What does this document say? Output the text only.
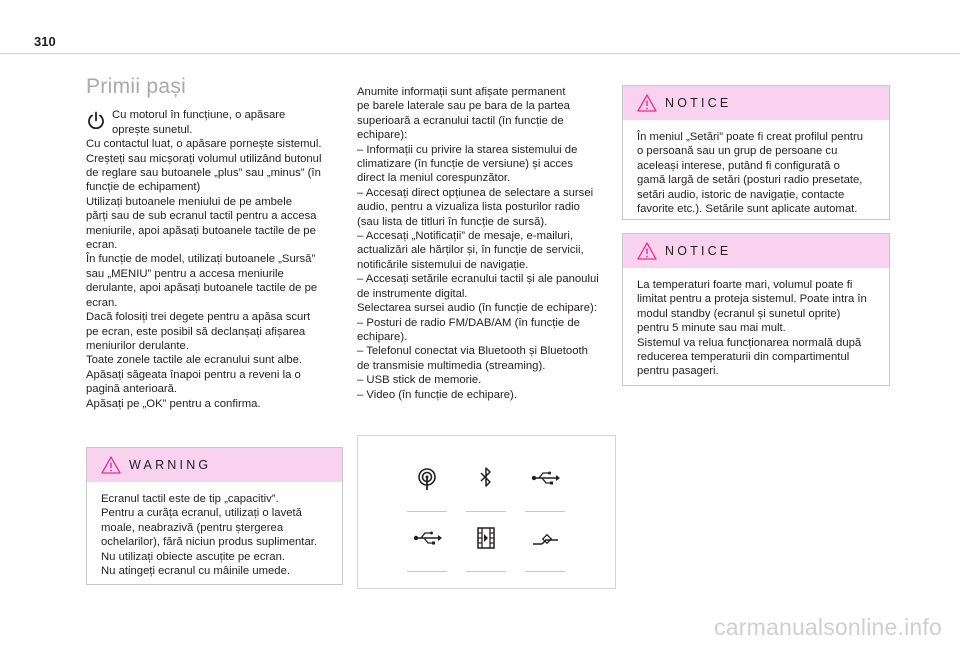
310
Primii pași

Cu motorul în funcțiune, o apăsare
oprește sunetul.

Cu contactul luat, o apăsare pornește sistemul.
Creșteți sau micșorați volumul utilizând butonul
de reglare sau butoanele „plus” sau „minus” (în
funcție de echipament)
Utilizați butoanele meniului de pe ambele
părți sau de sub ecranul tactil pentru a accesa
meniurile, apoi apăsați butoanele tactile de pe
ecran.
În funcție de model, utilizați butoanele „Sursă”
sau „MENIU” pentru a accesa meniurile
derulante, apoi apăsați butoanele tactile de pe
ecran.
Dacă folosiți trei degete pentru a apăsa scurt
pe ecran, este posibil să declanșați afișarea
meniurilor derulante.
Toate zonele tactile ale ecranului sunt albe.
Apăsați săgeata înapoi pentru a reveni la o
pagină anterioară.
Apăsați pe „OK” pentru a confirma.

WARNING
Ecranul tactil este de tip „capacitiv”.
Pentru a curăța ecranul, utilizați o lavetă
moale, neabrazivă (pentru ștergerea
ochelarilor), fără niciun produs suplimentar.
Nu utilizați obiecte ascuțite pe ecran.
Nu atingeți ecranul cu mâinile umede.

Anumite informații sunt afișate permanent
pe barele laterale sau pe bara de la partea
superioară a ecranului tactil (în funcție de
echipare):
– Informații cu privire la starea sistemului de
climatizare (în funcție de versiune) și acces
direct la meniul corespunzător.
– Accesați direct opțiunea de selectare a sursei
audio, pentru a vizualiza lista posturilor radio
(sau lista de titluri în funcție de sursă).
– Accesați „Notificații” de mesaje, e-mailuri,
actualizări ale hărților și, în funcție de servicii,
notificările sistemului de navigație.
– Accesați setările ecranului tactil și ale panoului
de instrumente digital.
Selectarea sursei audio (în funcție de echipare):
– Posturi de radio FM/DAB/AM (în funcție de
echipare).
– Telefonul conectat via Bluetooth și Bluetooth
de transmisie multimedia (streaming).
– USB stick de memorie.
– Video (în funcție de echipare).

NOTICE
În meniul „Setări” poate fi creat profilul pentru
o persoană sau un grup de persoane cu
aceleași interese, putând fi configurată o
gamă largă de setări (posturi radio presetate,
setări audio, istoric de navigație, contacte
favorite etc.). Setările sunt aplicate automat.
NOTICE
La temperaturi foarte mari, volumul poate fi
limitat pentru a proteja sistemul. Poate intra în
modul standby (ecranul și sunetul oprite)
pentru 5 minute sau mai mult.
Sistemul va relua funcționarea normală după
reducerea temperaturii din compartimentul
pentru pasageri.
carmanualsonline.info
